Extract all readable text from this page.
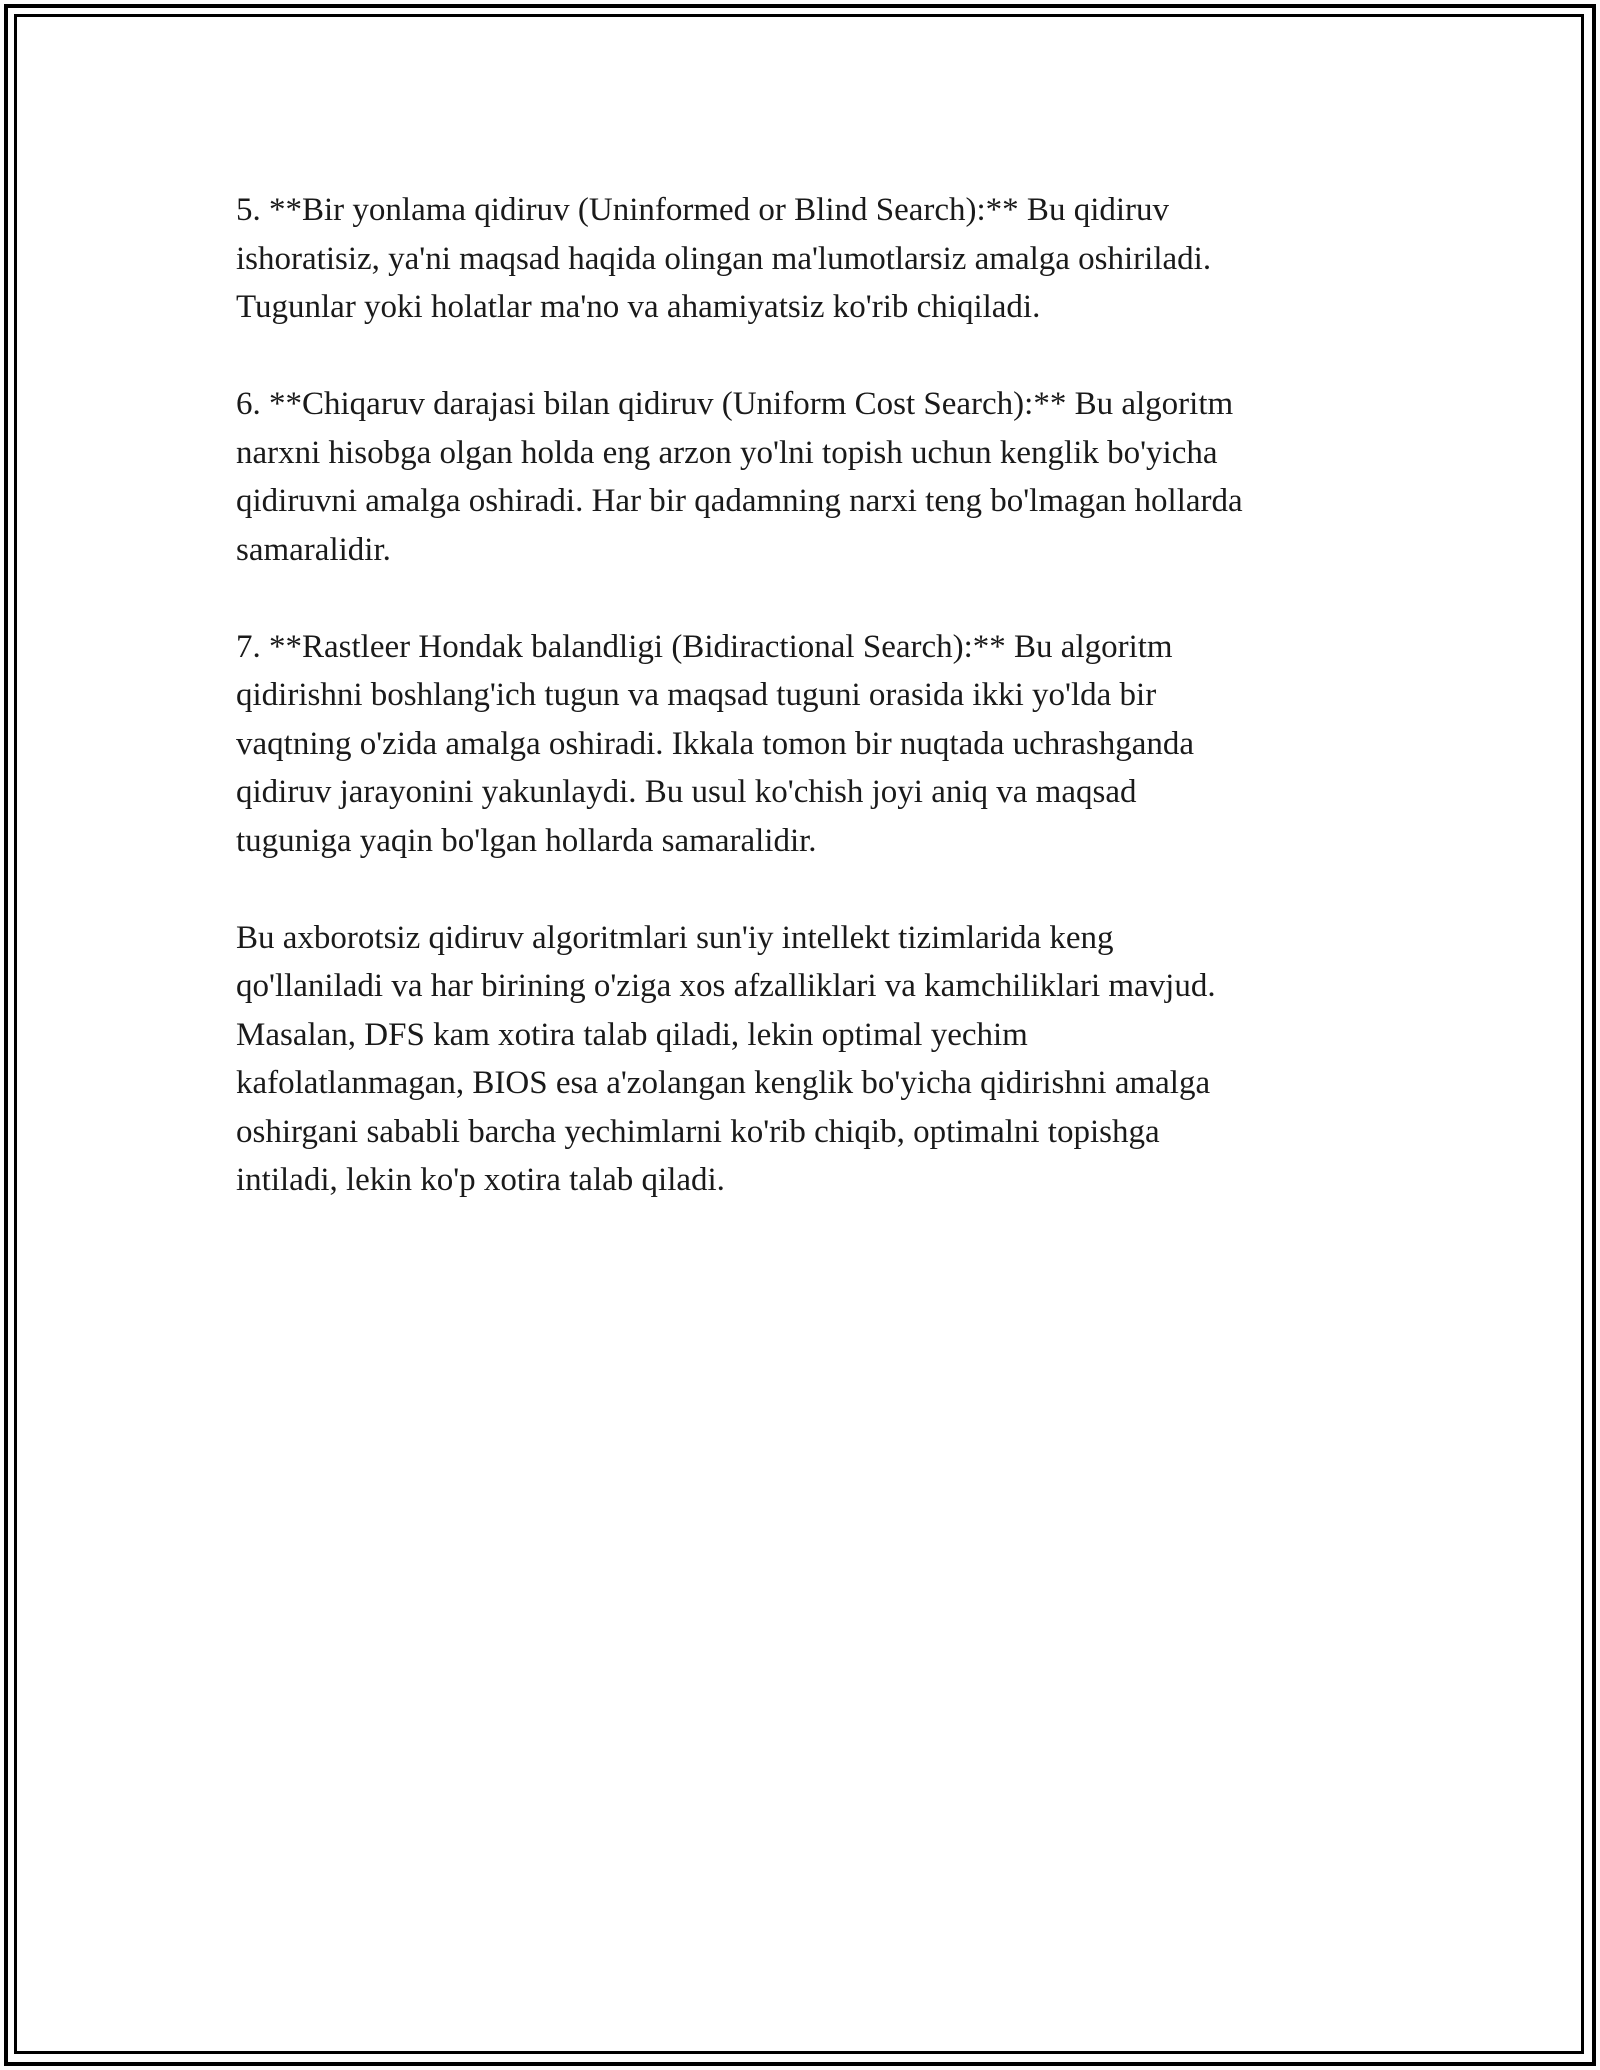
5. **Bir yonlama qidiruv (Uninformed or Blind Search):** Bu qidiruv
ishoratisiz, ya'ni maqsad haqida olingan ma'lumotlarsiz amalga oshiriladi.
Tugunlar yoki holatlar ma'no va ahamiyatsiz ko'rib chiqiladi.

6. **Chiqaruv darajasi bilan qidiruv (Uniform Cost Search):** Bu algoritm
narxni hisobga olgan holda eng arzon yo'lni topish uchun kenglik bo'yicha
qidiruvni amalga oshiradi. Har bir qadamning narxi teng bo'lmagan hollarda
samaralidir.

7. **Rastleer Hondak balandligi (Bidiractional Search):** Bu algoritm
qidirishni boshlang'ich tugun va maqsad tuguni orasida ikki yo'lda bir
vaqtning o'zida amalga oshiradi. Ikkala tomon bir nuqtada uchrashganda
qidiruv jarayonini yakunlaydi. Bu usul ko'chish joyi aniq va maqsad
tuguniga yaqin bo'lgan hollarda samaralidir.

Bu axborotsiz qidiruv algoritmlari sun'iy intellekt tizimlarida keng
qo'llaniladi va har birining o'ziga xos afzalliklari va kamchiliklari mavjud.
Masalan, DFS kam xotira talab qiladi, lekin optimal yechim
kafolatlanmagan, BIOS esa a'zolangan kenglik bo'yicha qidirishni amalga
oshirgani sababli barcha yechimlarni ko'rib chiqib, optimalni topishga
intiladi, lekin ko'p xotira talab qiladi.
